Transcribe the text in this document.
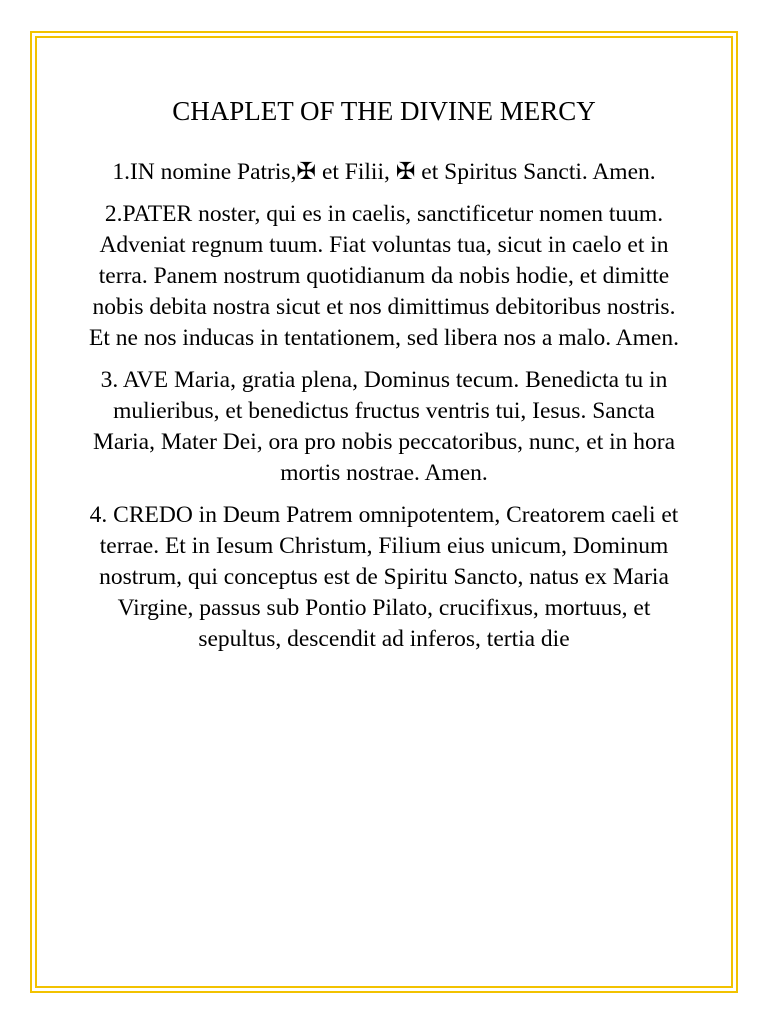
CHAPLET OF THE DIVINE MERCY

1.IN nomine Patris,✠ et Filii, ✠ et Spiritus Sancti. Amen.

2.PATER noster, qui es in caelis, sanctificetur nomen tuum. Adveniat regnum tuum. Fiat voluntas tua, sicut in caelo et in terra. Panem nostrum quotidianum da nobis hodie, et dimitte nobis debita nostra sicut et nos dimittimus debitoribus nostris. Et ne nos inducas in tentationem, sed libera nos a malo. Amen.

3. AVE Maria, gratia plena, Dominus tecum. Benedicta tu in mulieribus, et benedictus fructus ventris tui, Iesus. Sancta Maria, Mater Dei, ora pro nobis peccatoribus, nunc, et in hora mortis nostrae. Amen.

4. CREDO in Deum Patrem omnipotentem, Creatorem caeli et terrae. Et in Iesum Christum, Filium eius unicum, Dominum nostrum, qui conceptus est de Spiritu Sancto, natus ex Maria Virgine, passus sub Pontio Pilato, crucifixus, mortuus, et sepultus, descendit ad inferos, tertia die
